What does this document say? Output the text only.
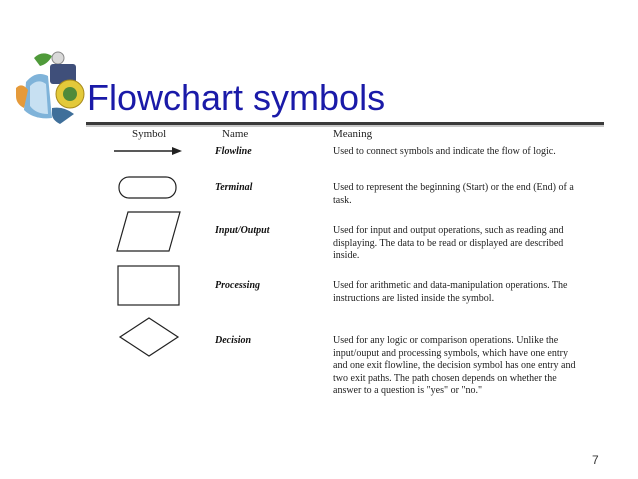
Flowchart symbols
Symbol	Name	Meaning
Flowline	Used to connect symbols and indicate the flow of logic.
Terminal	Used to represent the beginning (Start) or the end (End) of a task.
Input/Output	Used for input and output operations, such as reading and displaying. The data to be read or displayed are described inside.
Processing	Used for arithmetic and data-manipulation operations. The instructions are listed inside the symbol.
Decision	Used for any logic or comparison operations. Unlike the input/ouput and processing symbols, which have one entry and one exit flowline, the decision symbol has one entry and two exit paths. The path chosen depends on whether the answer to a question is "yes" or "no."
7
